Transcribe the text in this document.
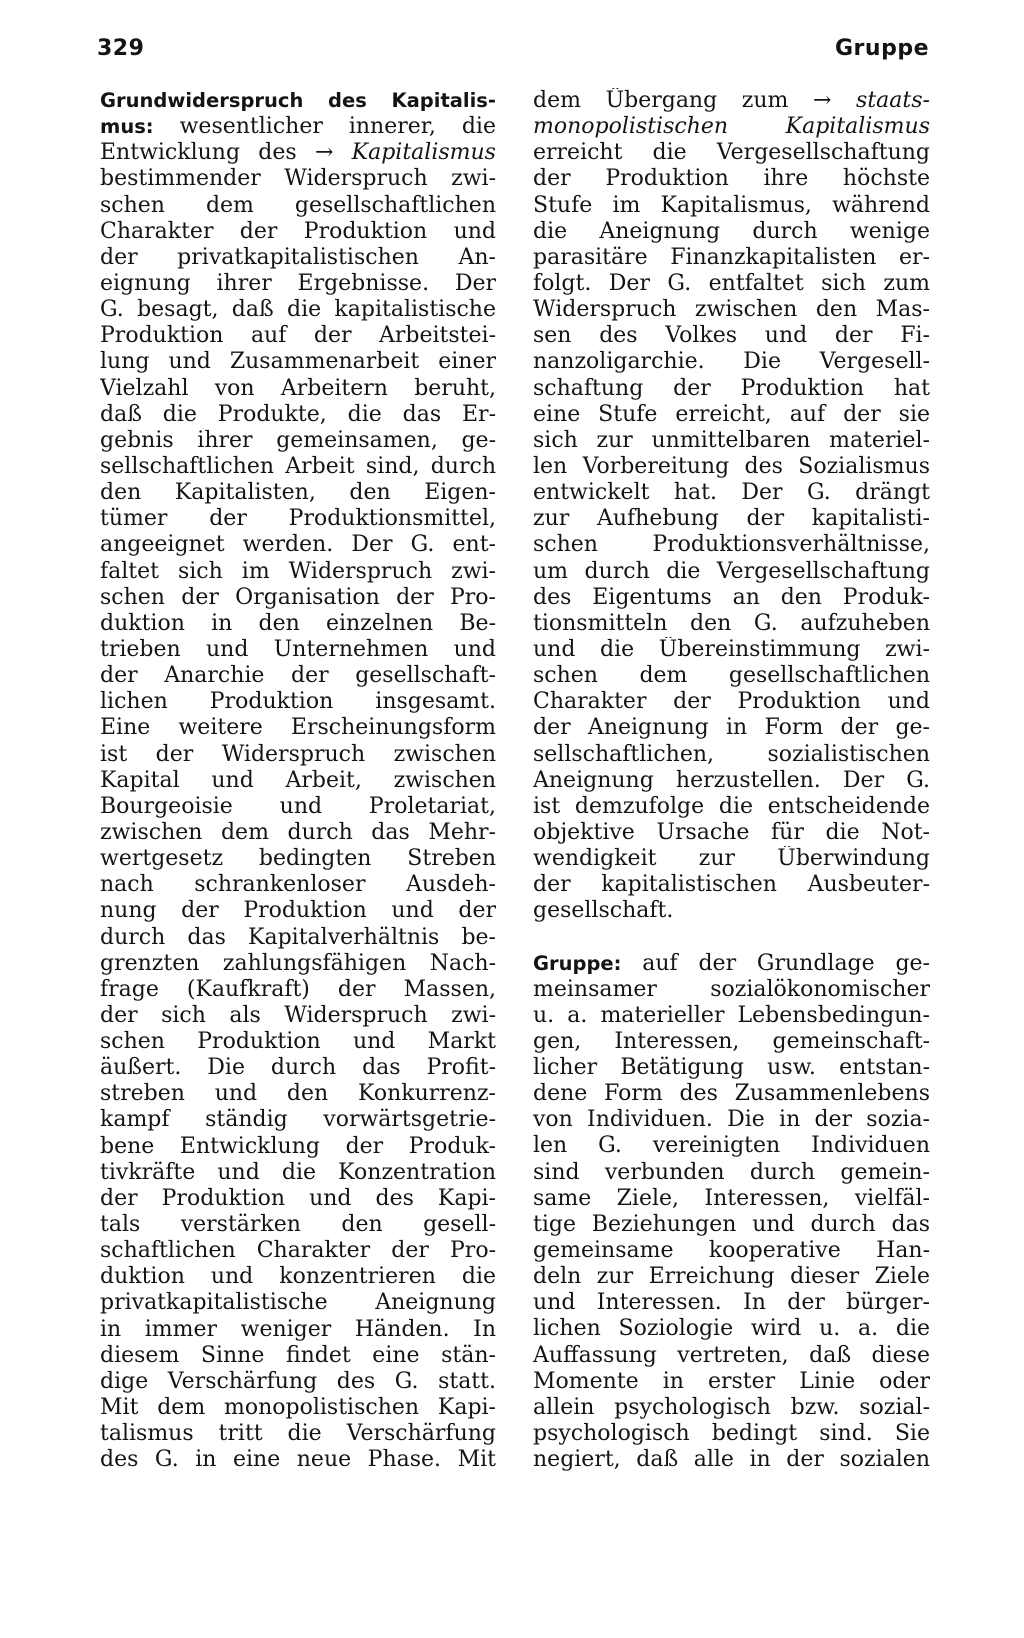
329	Gruppe
Grundwiderspruch des Kapitalis-
mus: wesentlicher innerer, die
Entwicklung des → Kapitalismus
bestimmender Widerspruch zwi-
schen dem gesellschaftlichen
Charakter der Produktion und
der privatkapitalistischen An-
eignung ihrer Ergebnisse. Der
G. besagt, daß die kapitalistische
Produktion auf der Arbeitstei-
lung und Zusammenarbeit einer
Vielzahl von Arbeitern beruht,
daß die Produkte, die das Er-
gebnis ihrer gemeinsamen, ge-
sellschaftlichen Arbeit sind, durch
den Kapitalisten, den Eigen-
tümer der Produktionsmittel,
angeeignet werden. Der G. ent-
faltet sich im Widerspruch zwi-
schen der Organisation der Pro-
duktion in den einzelnen Be-
trieben und Unternehmen und
der Anarchie der gesellschaft-
lichen Produktion insgesamt.
Eine weitere Erscheinungsform
ist der Widerspruch zwischen
Kapital und Arbeit, zwischen
Bourgeoisie und Proletariat,
zwischen dem durch das Mehr-
wertgesetz bedingten Streben
nach schrankenloser Ausdeh-
nung der Produktion und der
durch das Kapitalverhältnis be-
grenzten zahlungsfähigen Nach-
frage (Kaufkraft) der Massen,
der sich als Widerspruch zwi-
schen Produktion und Markt
äußert. Die durch das Profit-
streben und den Konkurrenz-
kampf ständig vorwärtsgetrie-
bene Entwicklung der Produk-
tivkräfte und die Konzentration
der Produktion und des Kapi-
tals verstärken den gesell-
schaftlichen Charakter der Pro-
duktion und konzentrieren die
privatkapitalistische Aneignung
in immer weniger Händen. In
diesem Sinne findet eine stän-
dige Verschärfung des G. statt.
Mit dem monopolistischen Kapi-
talismus tritt die Verschärfung
des G. in eine neue Phase. Mit
dem Übergang zum → staats-
monopolistischen Kapitalismus
erreicht die Vergesellschaftung
der Produktion ihre höchste
Stufe im Kapitalismus, während
die Aneignung durch wenige
parasitäre Finanzkapitalisten er-
folgt. Der G. entfaltet sich zum
Widerspruch zwischen den Mas-
sen des Volkes und der Fi-
nanzoligarchie. Die Vergesell-
schaftung der Produktion hat
eine Stufe erreicht, auf der sie
sich zur unmittelbaren materiel-
len Vorbereitung des Sozialismus
entwickelt hat. Der G. drängt
zur Aufhebung der kapitalisti-
schen Produktionsverhältnisse,
um durch die Vergesellschaftung
des Eigentums an den Produk-
tionsmitteln den G. aufzuheben
und die Übereinstimmung zwi-
schen dem gesellschaftlichen
Charakter der Produktion und
der Aneignung in Form der ge-
sellschaftlichen, sozialistischen
Aneignung herzustellen. Der G.
ist demzufolge die entscheidende
objektive Ursache für die Not-
wendigkeit zur Überwindung
der kapitalistischen Ausbeuter-
gesellschaft.
Gruppe: auf der Grundlage ge-
meinsamer sozialökonomischer
u. a. materieller Lebensbedingun-
gen, Interessen, gemeinschaft-
licher Betätigung usw. entstan-
dene Form des Zusammenlebens
von Individuen. Die in der sozia-
len G. vereinigten Individuen
sind verbunden durch gemein-
same Ziele, Interessen, vielfäl-
tige Beziehungen und durch das
gemeinsame kooperative Han-
deln zur Erreichung dieser Ziele
und Interessen. In der bürger-
lichen Soziologie wird u. a. die
Auffassung vertreten, daß diese
Momente in erster Linie oder
allein psychologisch bzw. sozial-
psychologisch bedingt sind. Sie
negiert, daß alle in der sozialen
